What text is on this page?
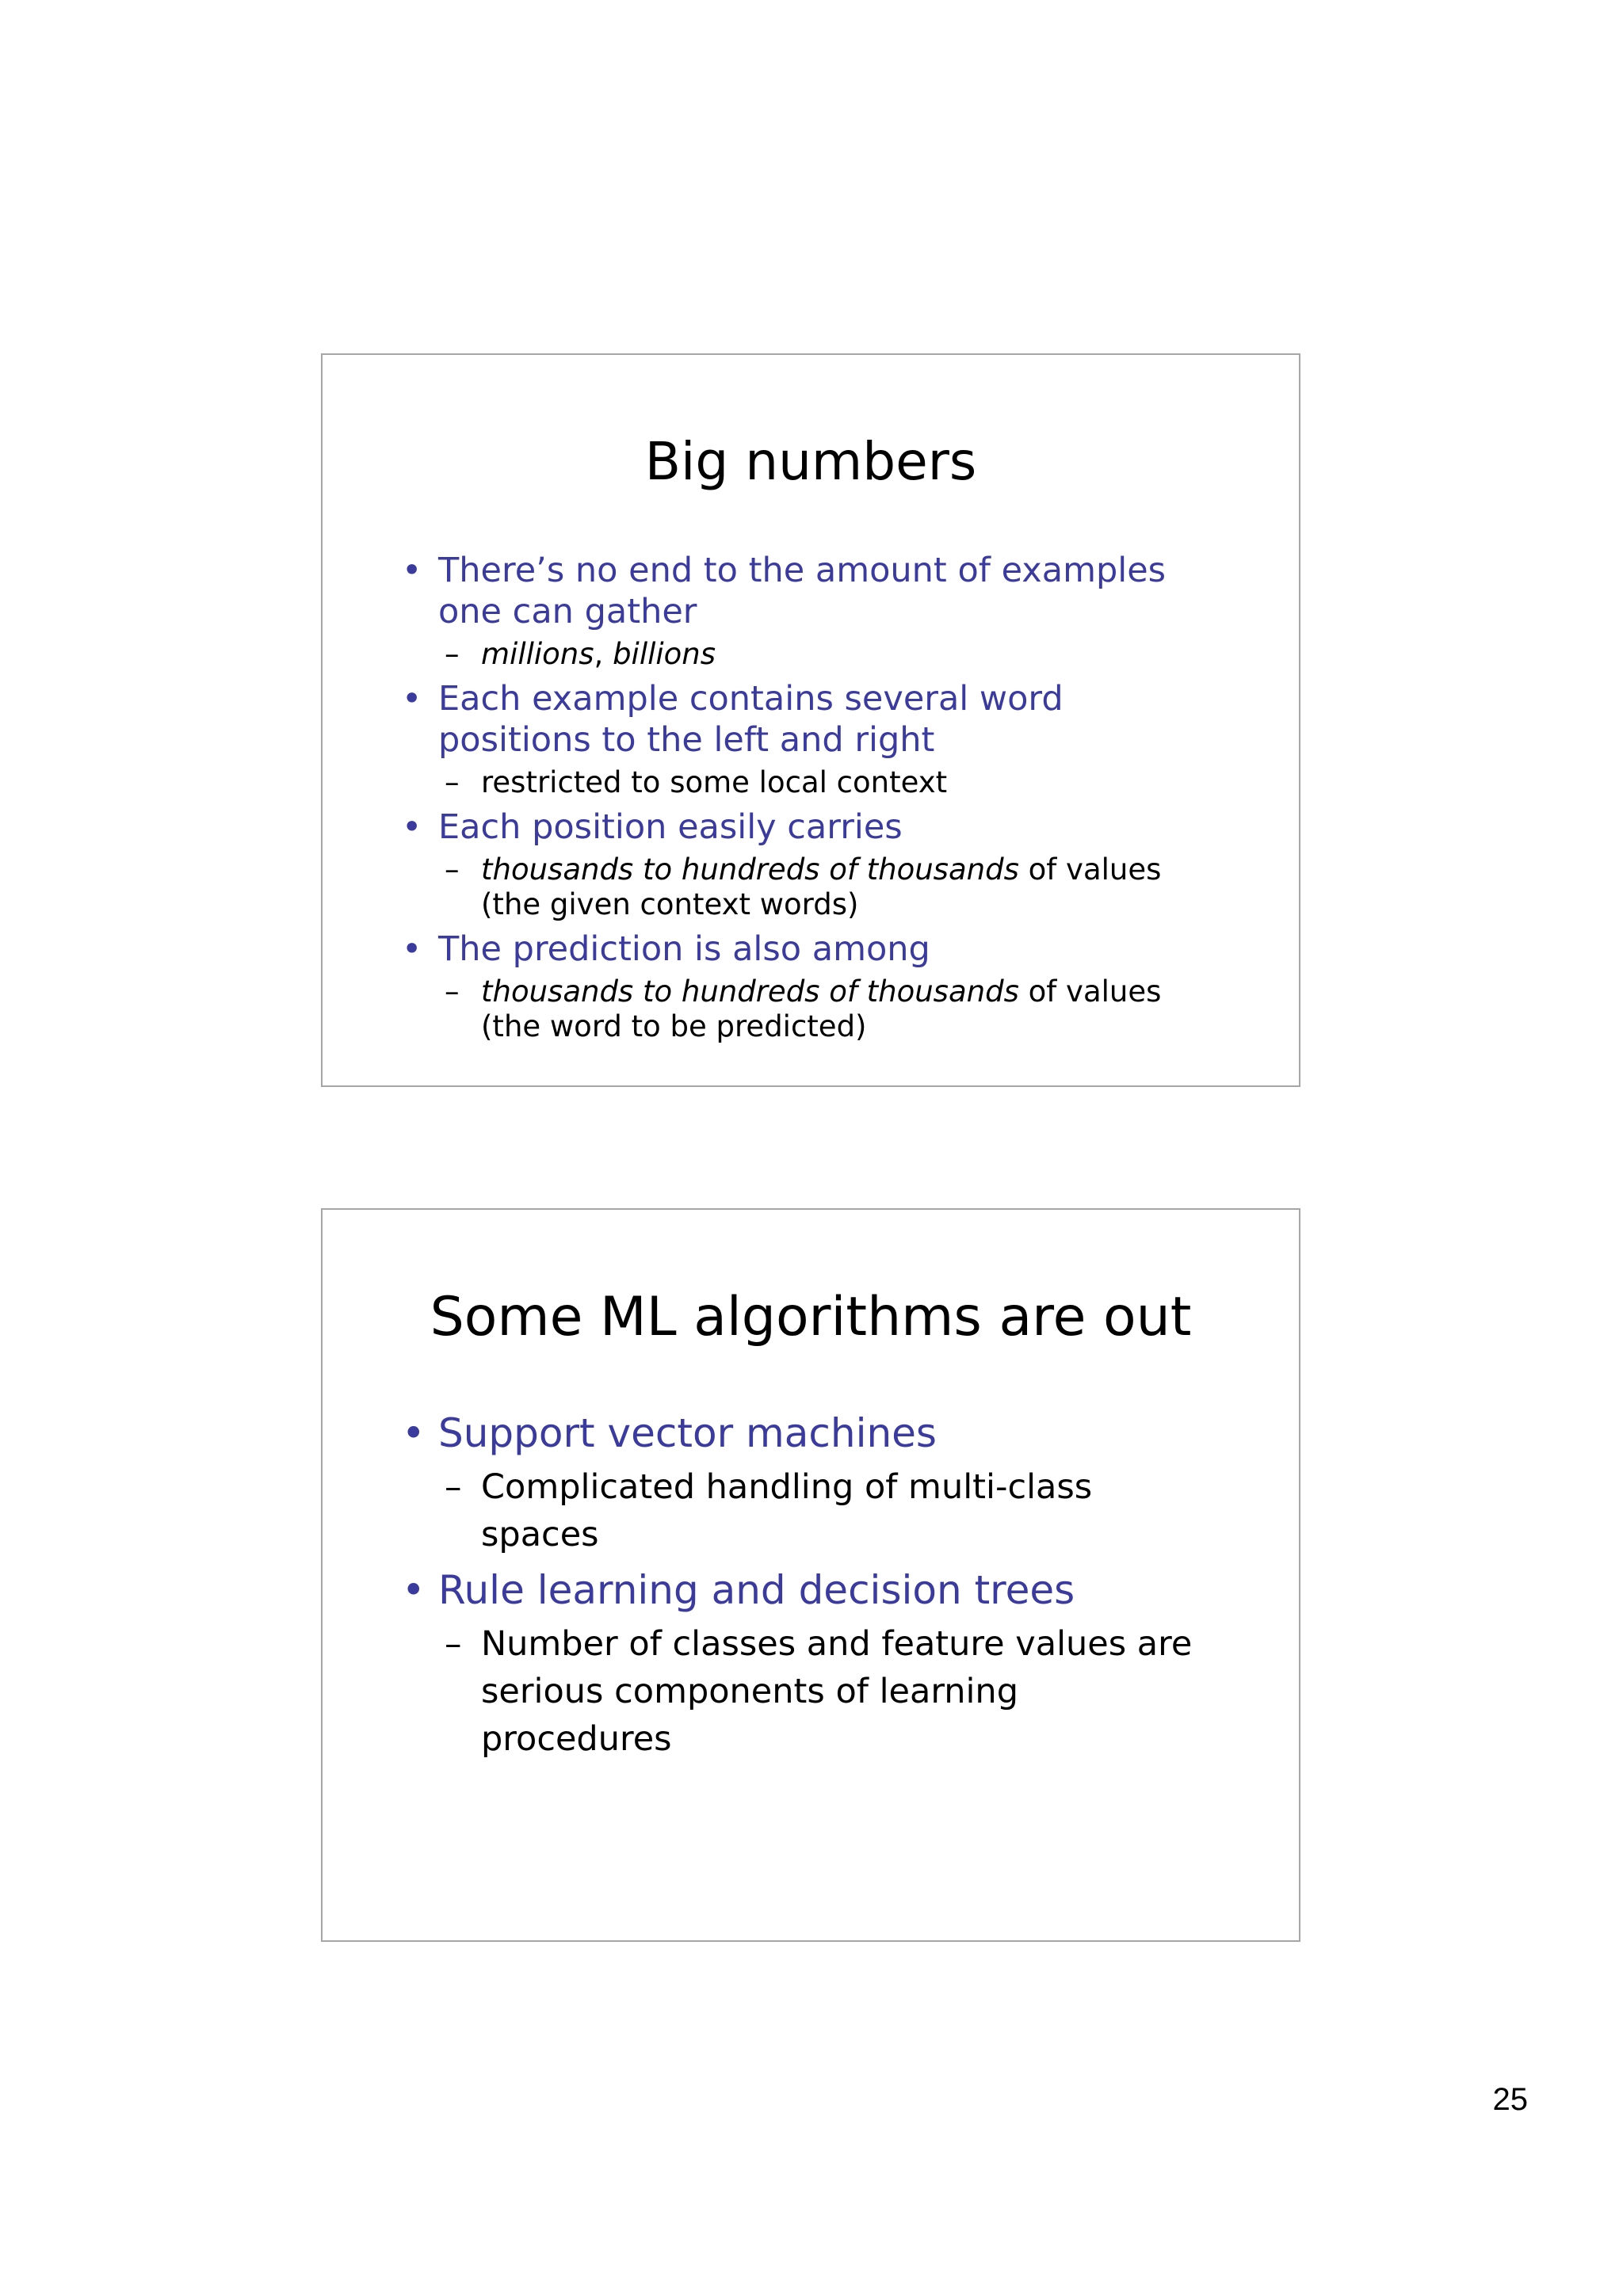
Big numbers
• There’s no end to the amount of examples one can gather
– millions, billions
• Each example contains several word positions to the left and right
– restricted to some local context
• Each position easily carries
– thousands to hundreds of thousands of values (the given context words)
• The prediction is also among
– thousands to hundreds of thousands of values (the word to be predicted)
Some ML algorithms are out
• Support vector machines
– Complicated handling of multi-class spaces
• Rule learning and decision trees
– Number of classes and feature values are serious components of learning procedures
25
